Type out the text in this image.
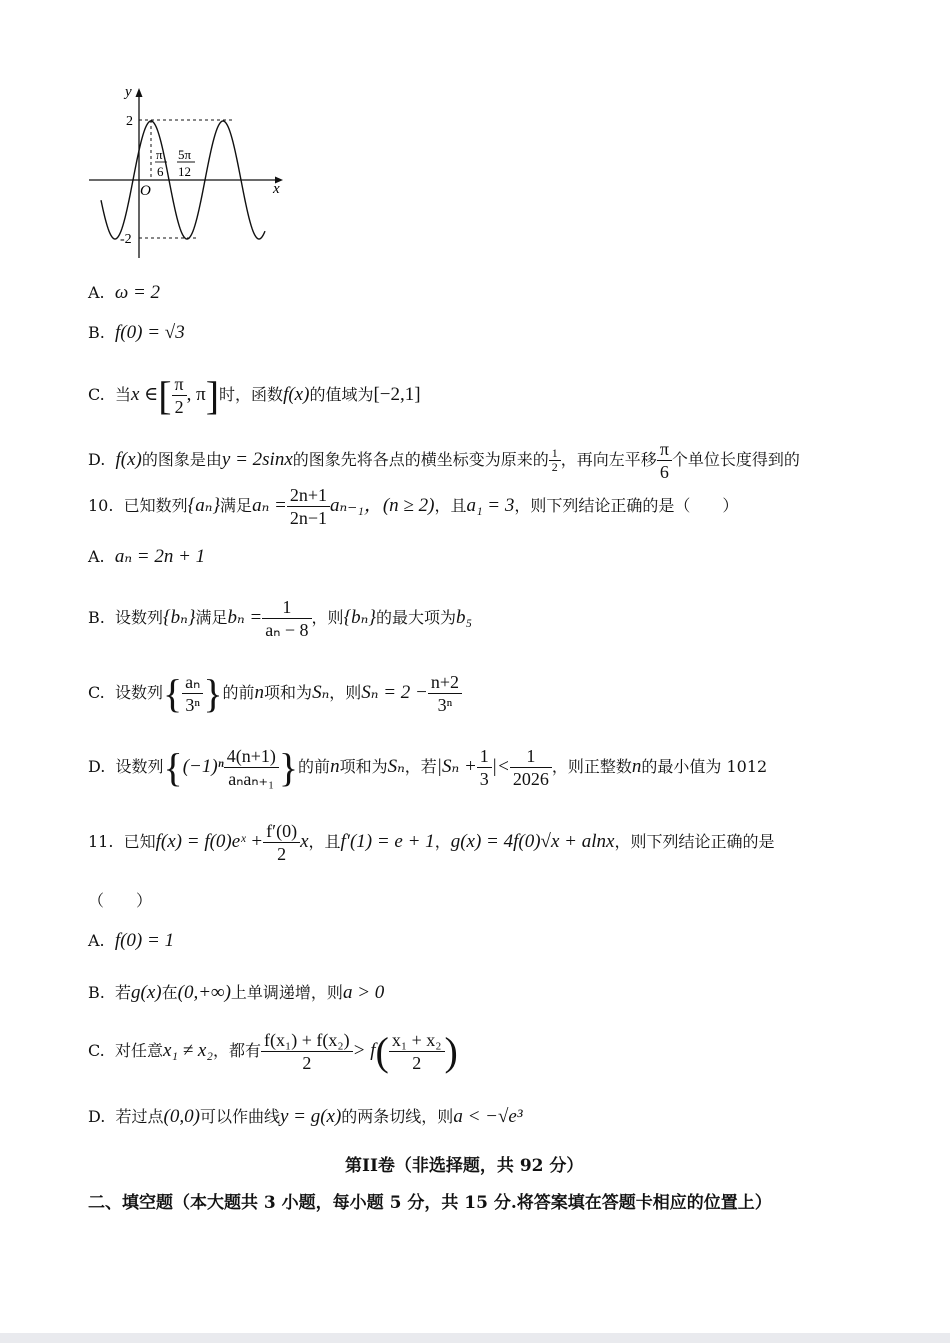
y
x
O
2
-2
π
6
5π
12
A. ω = 2
B. f(0) = √3
C. 当x ∈[ $\frac{\pi}{2}$ , π]时，函数f(x)的值域为[−2,1]
D. f(x)的图象是由y = 2sinx的图象先将各点的横坐标变为原来的 $\frac{1}{2}$ ，再向左平移 $\frac{\pi}{6}$ 个单位长度得到的
10. 已知数列{aₙ}满足$a_n = \frac{2n+1}{2n-1} a_{n-1}$，(n ≥ 2)，且a₁ = 3，则下列结论正确的是（　　）
A. aₙ = 2n + 1
B. 设数列{bₙ}满足$b_n = \frac{1}{\text{aₙ − 8}}$ ，则{bₙ}的最大项为b₅
C. 设数列{ $\frac{\text{aₙ}}{\text{3ⁿ}}$ }的前n项和为Sₙ，则$S_n = 2 - \frac{n+2}{\text{3ⁿ}}$
D. 设数列{$(-1)^n \frac{4(n+1)}{\text{aₙaₙ₊₁}}$ }的前n项和为Sₙ，若$|S_n + \frac{1}{3}$ |< $\frac{1}{2026}$ ，则正整数n的最小值为 1012
11. 已知f(x) = f(0)eˣ + $\frac{f'(0)}{2}$ x，且f′(1) = e + 1，g(x) = 4f(0)√x + alnx，则下列结论正确的是
（　　）
A. f(0) = 1
B. 若g(x)在(0,+∞)上单调递增，则a > 0
C. 对任意x₁ ≠ x₂，都有 $\frac{\text{f(x₁) + f(x₂)}}{2} > f( \frac{\text{x₁ + x₂}}{2}$ )
D. 若过点(0,0)可以作曲线y = g(x)的两条切线，则a < −√e³
第II卷（非选择题，共 92 分）
二、填空题（本大题共 3 小题，每小题 5 分，共 15 分.将答案填在答题卡相应的位置上）
